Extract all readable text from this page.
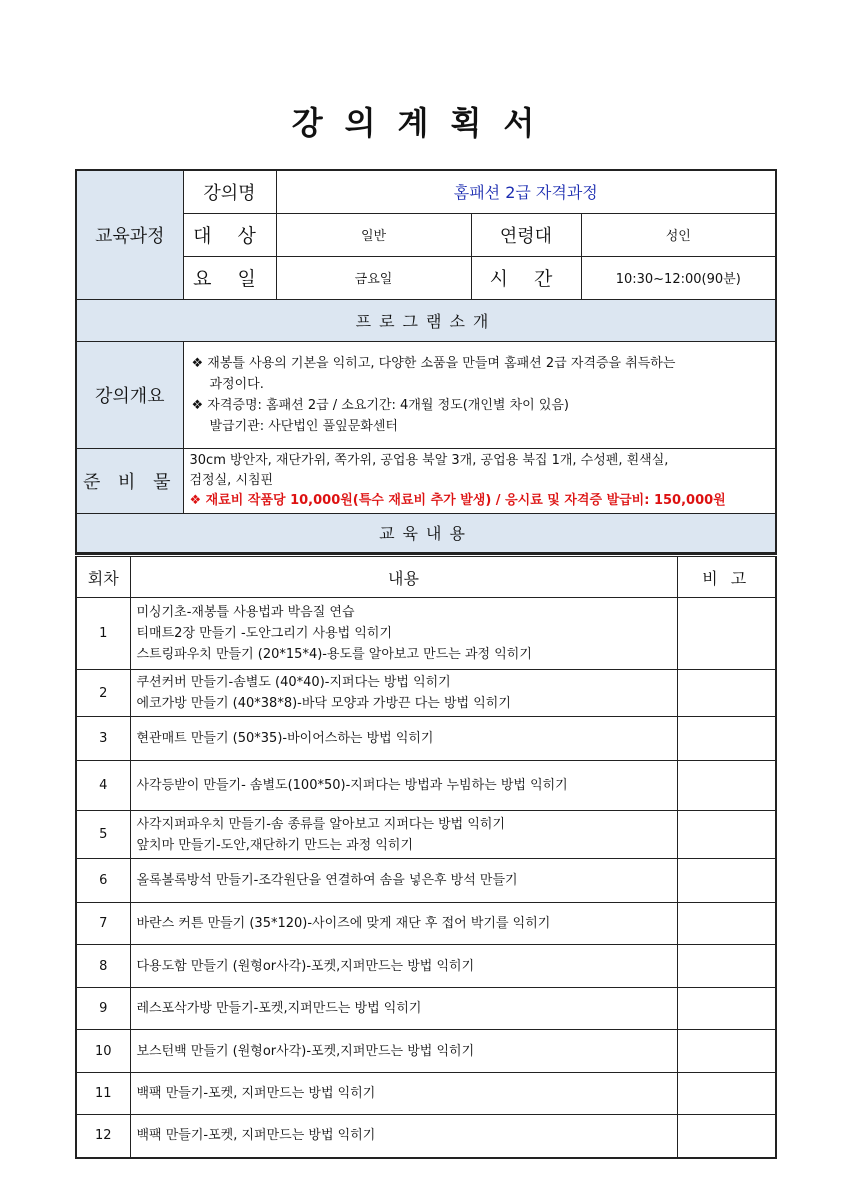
강의계획서
교육과정	강의명	홈패션 2급 자격과정		
	대 상	일반	연령대	성인
	요 일	금요일	시 간	10:30~12:00(90분)
프로그램소개				
강의개요	❖ 재봉틀 사용의 기본을 익히고, 다양한 소품을 만들며 홈패션 2급 자격증을 취득하는
과정이다.
❖ 자격증명: 홈패션 2급 / 소요기간: 4개월 정도(개인별 차이 있음)
발급기관: 사단법인 풀잎문화센터			

준 비 물	30cm 방안자, 재단가위, 쪽가위, 공업용 북알 3개, 공업용 북집 1개, 수성펜, 흰색실,
검정실, 시침핀
❖ 재료비 작품당 10,000원(특수 재료비 추가 발생) / 응시료 및 자격증 발급비: 150,000원			

교육내용				
회차	내용	비 고
1	미싱기초-재봉틀 사용법과 박음질 연습
티매트2장 만들기 -도안그리기 사용법 익히기
스트링파우치 만들기 (20*15*4)-용도를 알아보고 만드는 과정 익히기	

2	쿠션커버 만들기-솜별도 (40*40)-지퍼다는 방법 익히기
에코가방 만들기 (40*38*8)-바닥 모양과 가방끈 다는 방법 익히기	

3	현관매트 만들기 (50*35)-바이어스하는 방법 익히기	

4	사각등받이 만들기- 솜별도(100*50)-지퍼다는 방법과 누빔하는 방법 익히기	

5	사각지퍼파우치 만들기-솜 종류를 알아보고 지퍼다는 방법 익히기
앞치마 만들기-도안,재단하기 만드는 과정 익히기	

6	올록볼록방석 만들기-조각원단을 연결하여 솜을 넣은후 방석 만들기	

7	바란스 커튼 만들기 (35*120)-사이즈에 맞게 재단 후 접어 박기를 익히기	

8	다용도함 만들기 (원형or사각)-포켓,지퍼만드는 방법 익히기	

9	레스포삭가방 만들기-포켓,지퍼만드는 방법 익히기	

10	보스턴백 만들기 (원형or사각)-포켓,지퍼만드는 방법 익히기	

11	백팩 만들기-포켓, 지퍼만드는 방법 익히기	

12	백팩 만들기-포켓, 지퍼만드는 방법 익히기	
